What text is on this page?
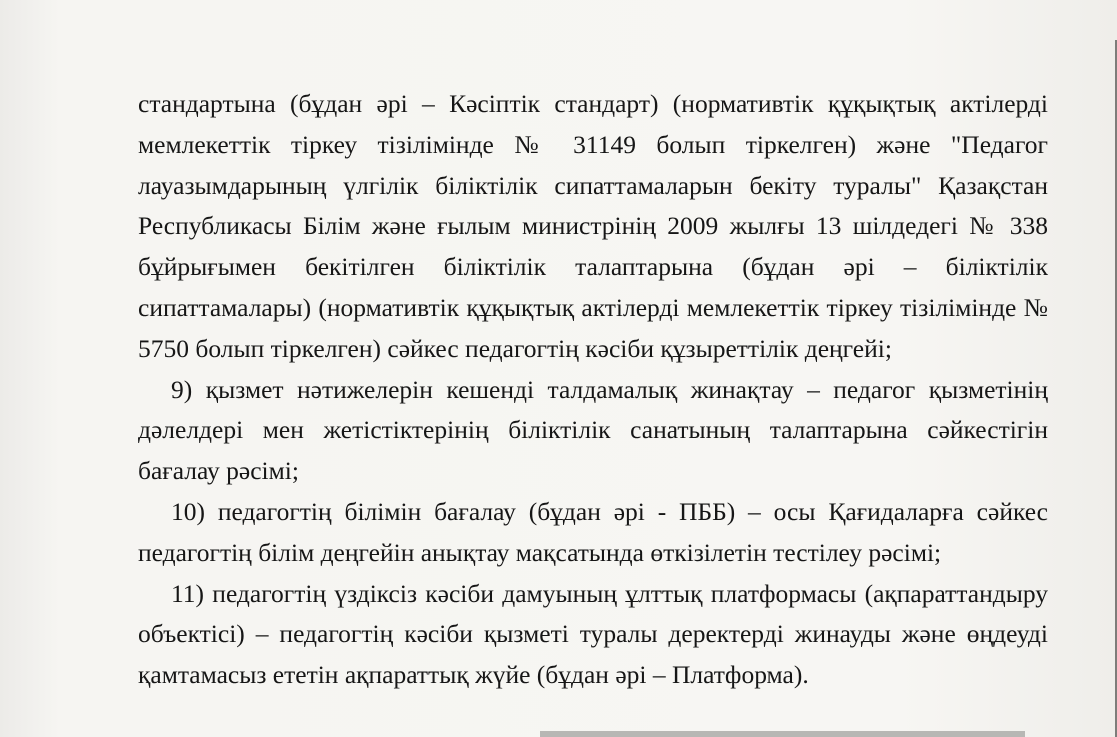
стандартына (бұдан әрі – Кәсіптік стандарт) (нормативтік құқықтық актілерді мемлекеттік тіркеу тізілімінде № 31149 болып тіркелген) және "Педагог лауазымдарының үлгілік біліктілік сипаттамаларын бекіту туралы" Қазақстан Республикасы Білім және ғылым министрінің 2009 жылғы 13 шілдедегі № 338 бұйрығымен бекітілген біліктілік талаптарына (бұдан әрі – біліктілік сипаттамалары) (нормативтік құқықтық актілерді мемлекеттік тіркеу тізілімінде № 5750 болып тіркелген) сәйкес педагогтің кәсіби құзыреттілік деңгейі;

9) қызмет нәтижелерін кешенді талдамалық жинақтау – педагог қызметінің дәлелдері мен жетістіктерінің біліктілік санатының талаптарына сәйкестігін бағалау рәсімі;

10) педагогтің білімін бағалау (бұдан әрі - ПББ) – осы Қағидаларға сәйкес педагогтің білім деңгейін анықтау мақсатында өткізілетін тестілеу рәсімі;

11) педагогтің үздіксіз кәсіби дамуының ұлттық платформасы (ақпараттандыру объектісі) – педагогтің кәсіби қызметі туралы деректерді жинауды және өңдеуді қамтамасыз ететін ақпараттық жүйе (бұдан әрі – Платформа).
